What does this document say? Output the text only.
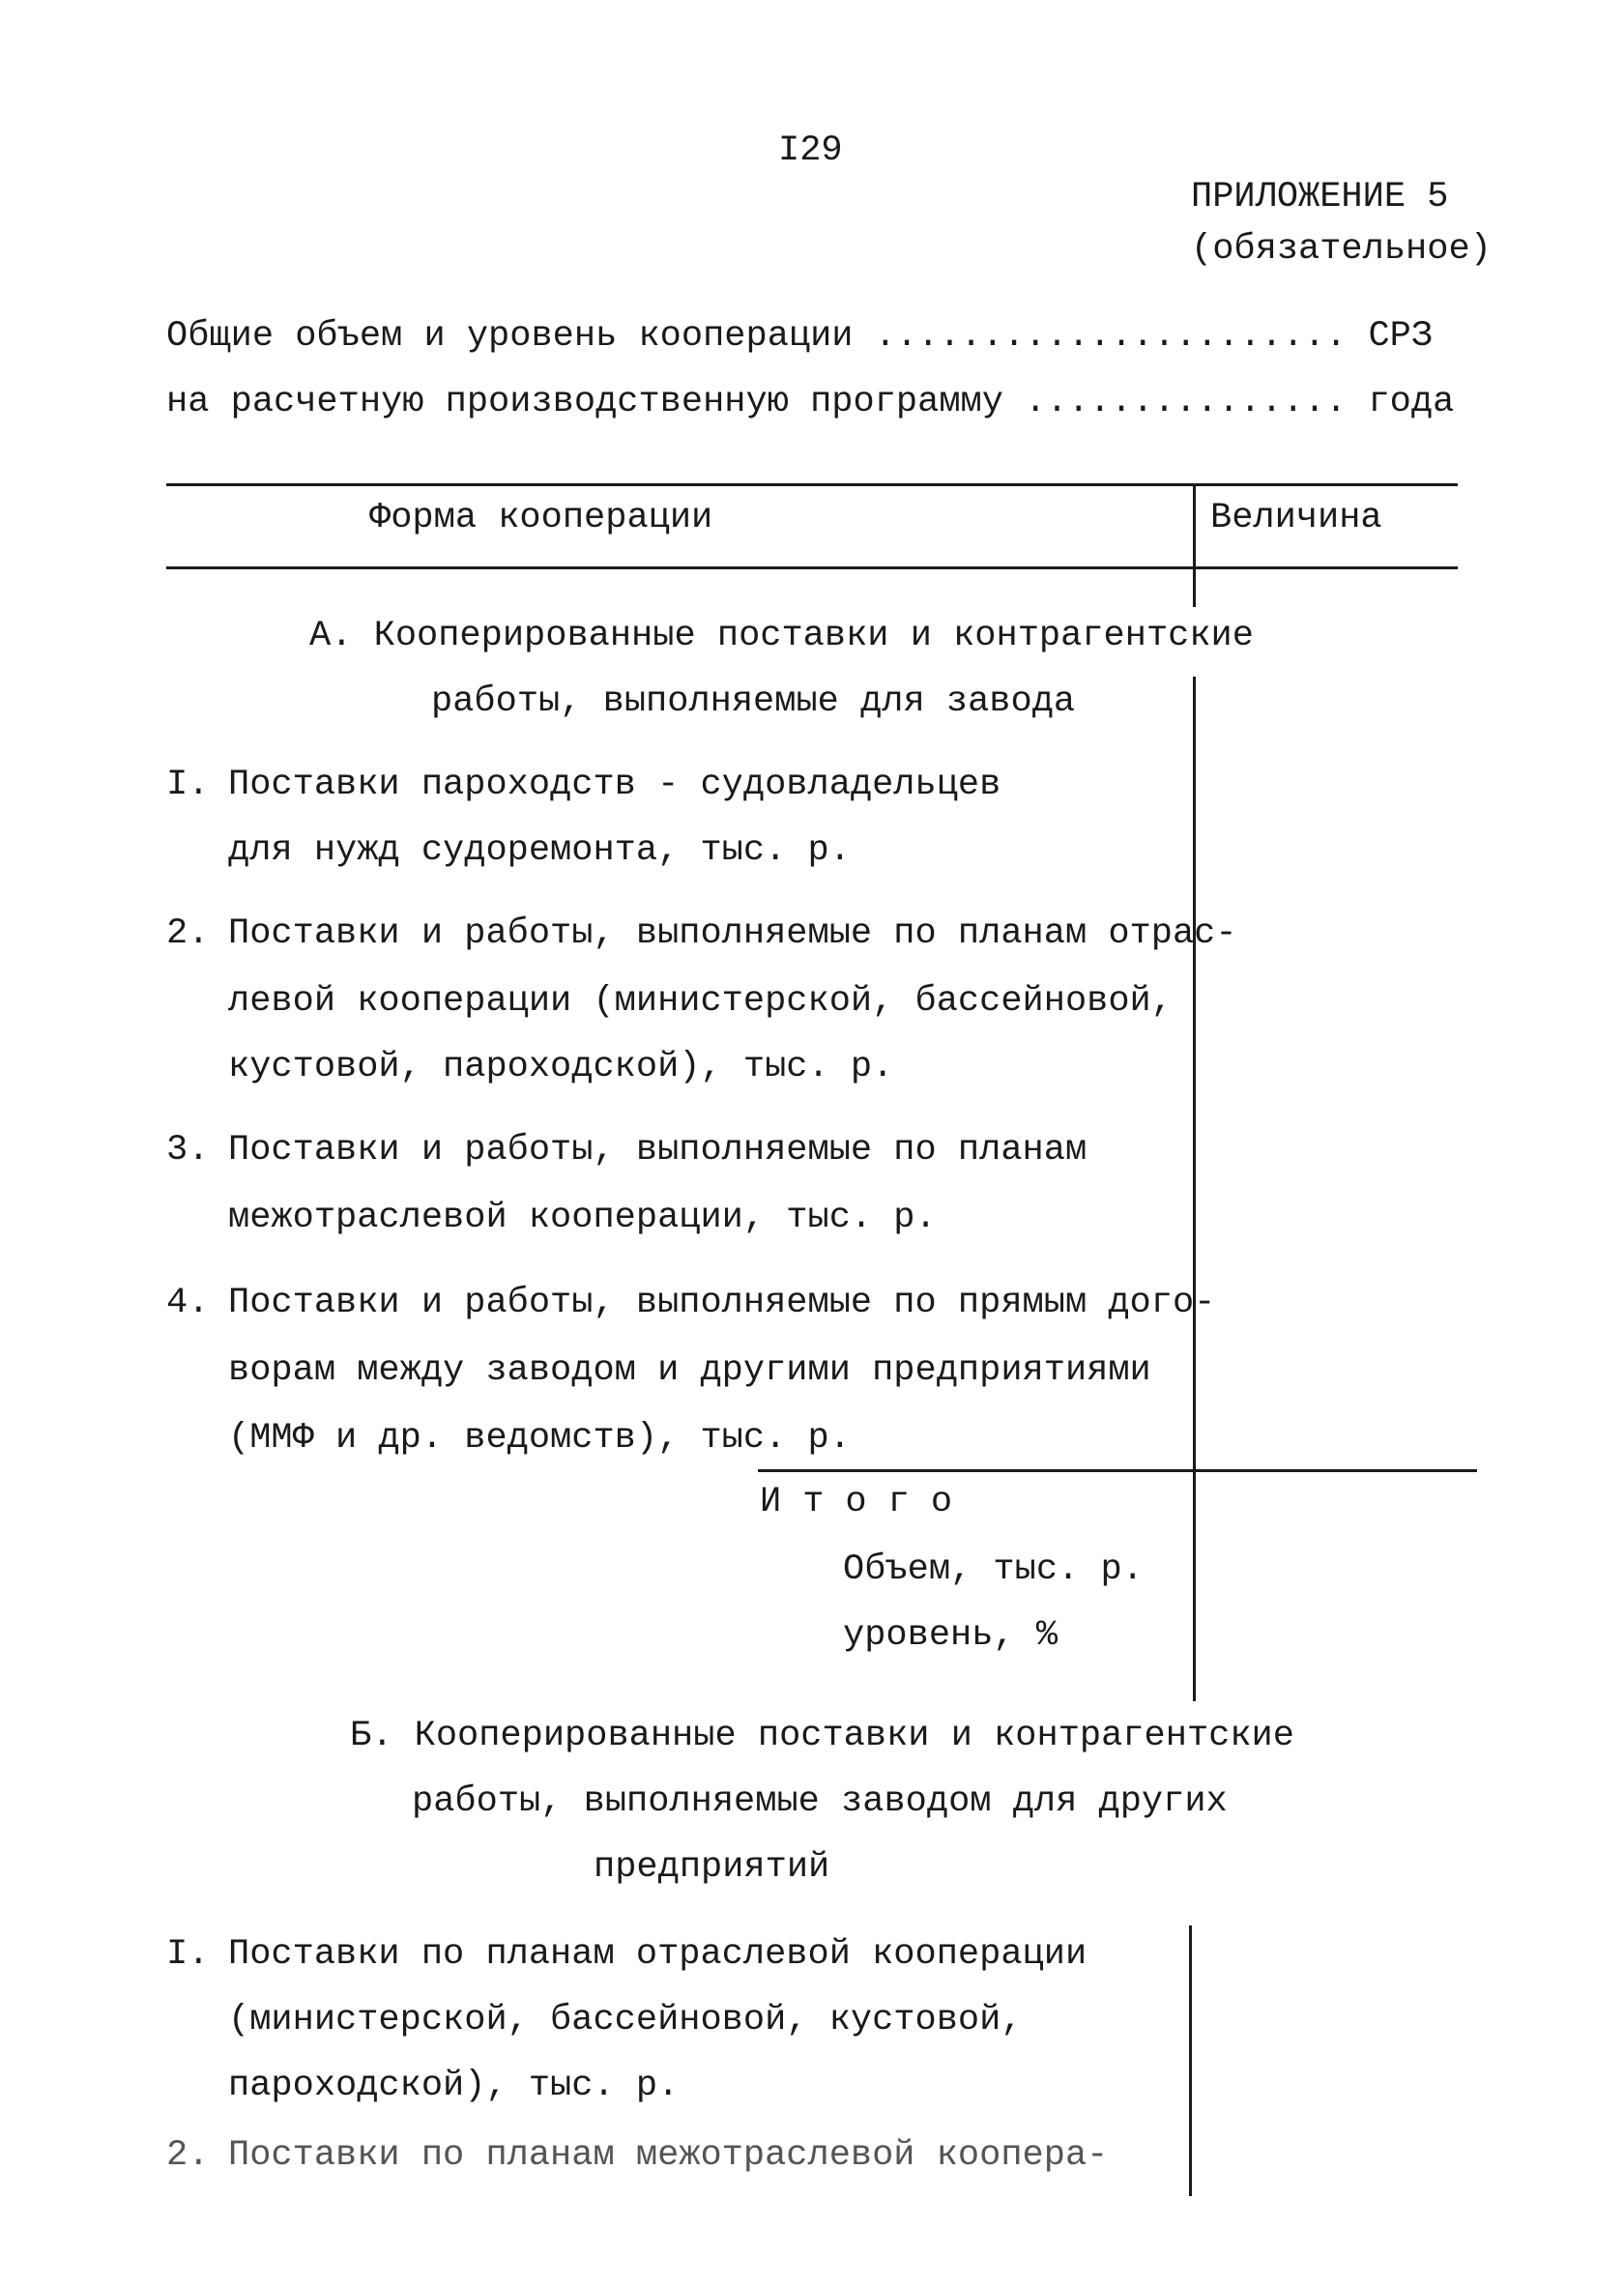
I29
ПРИЛОЖЕНИЕ 5
(обязательное)
Общие объем и уровень кооперации ...................... СРЗ
на расчетную производственную программу ............... года
Форма кооперации	Величина
А. Кооперированные поставки и контрагентские
работы, выполняемые для завода
I. Поставки пароходств - судовладельцев
для нужд судоремонта, тыс. р.
2. Поставки и работы, выполняемые по планам отрас-
левой кооперации (министерской, бассейновой,
кустовой, пароходской), тыс. р.
3. Поставки и работы, выполняемые по планам
межотраслевой кооперации, тыс. р.
4. Поставки и работы, выполняемые по прямым дого-
ворам между заводом и другими предприятиями
(ММФ и др. ведомств), тыс. р.
Итого
Объем, тыс. р.
уровень, %
Б. Кооперированные поставки и контрагентские
работы, выполняемые заводом для других
предприятий
I. Поставки по планам отраслевой кооперации
(министерской, бассейновой, кустовой,
пароходской), тыс. р.
2. Поставки по планам межотраслевой коопера-
